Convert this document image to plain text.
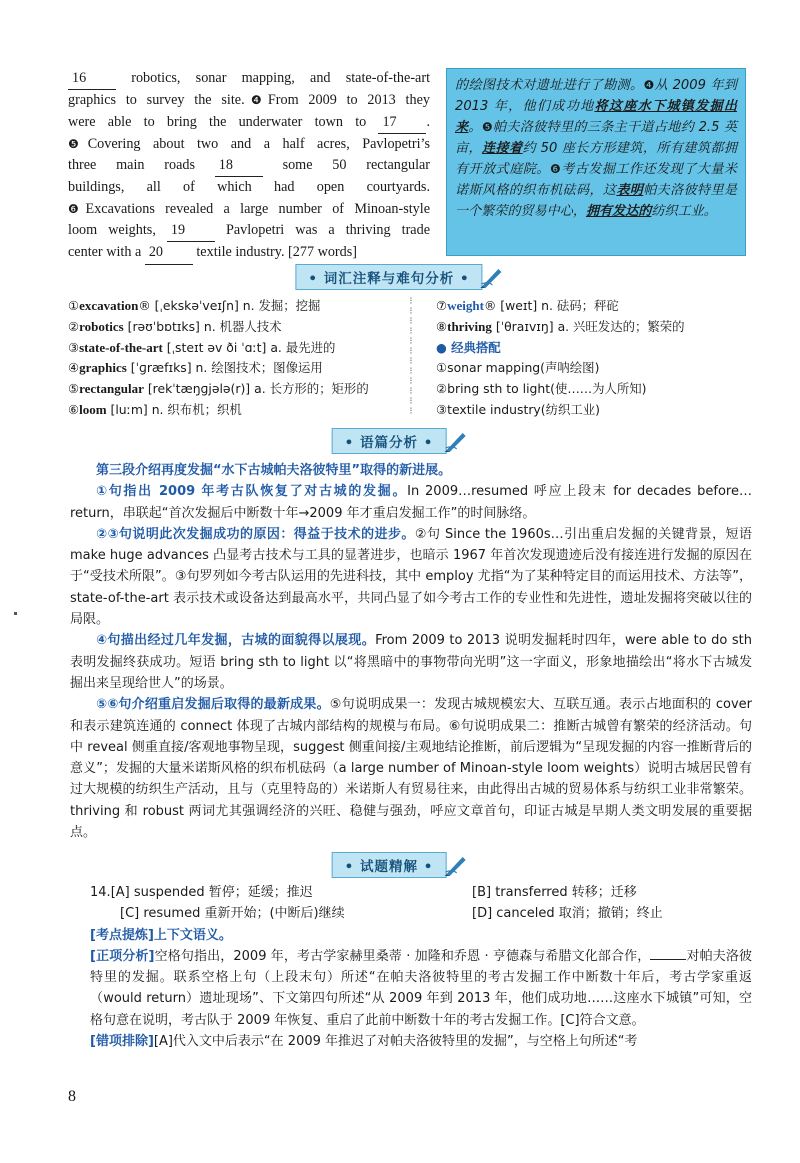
16	robotics, sonar mapping, and state-of-the-art
graphics to survey the site.❹From 2009 to 2013 they
were able to bring the underwater town to 17 .
❺Covering about two and a half acres, Pavlopetri’s
three main roads 18	some 50 rectangular
buildings, all of which had open courtyards.
❻Excavations revealed a large number of Minoan-style
loom weights, 19	Pavlopetri was a thriving trade
center with a 20 textile industry. [277 words]
的绘图技术对遗址进行了勘测。❹从 2009 年到 2013 年，他们成功地将这座水下城镇发掘出来。❺帕夫洛彼特里的三条主干道占地约 2.5 英亩，连接着约 50 座长方形建筑，所有建筑都拥有开放式庭院。❻考古发掘工作还发现了大量米诺斯风格的织布机砝码，这表明帕夫洛彼特里是一个繁荣的贸易中心，拥有发达的纺织工业。
• 词汇注释与难句分析 •
①excavation® [ˌekskəˈveɪʃn] n. 发掘；挖掘
②robotics [rəʊˈbɒtɪks] n. 机器人技术
③state-of-the-art [ˌsteɪt əv ði ˈɑːt] a. 最先进的
④graphics [ˈɡræfɪks] n. 绘图技术；图像运用
⑤rectangular [rekˈtæŋɡjələ(r)] a. 长方形的；矩形的
⑥loom [luːm] n. 织布机；织机
⁝
⁝
⁝
⁝
⁝
⁝
⁝
⁝
⁝
⁝
⁝
⁝
⑦weight® [weɪt] n. 砝码；秤砣
⑧thriving [ˈθraɪvɪŋ] a. 兴旺发达的；繁荣的
● 经典搭配
①sonar mapping(声呐绘图)
②bring sth to light(使……为人所知)
③textile industry(纺织工业)
• 语篇分析 •

第三段介绍再度发掘“水下古城帕夫洛彼特里”取得的新进展。

①句指出 2009 年考古队恢复了对古城的发掘。In 2009…resumed 呼应上段末 for decades before…return，串联起“首次发掘后中断数十年→2009 年才重启发掘工作”的时间脉络。

②③句说明此次发掘成功的原因：得益于技术的进步。②句 Since the 1960s…引出重启发掘的关键背景，短语 make huge advances 凸显考古技术与工具的显著进步，也暗示 1967 年首次发现遗迹后没有接连进行发掘的原因在于“受技术所限”。③句罗列如今考古队运用的先进科技，其中 employ 尤指“为了某种特定目的而运用技术、方法等”，state-of-the-art 表示技术或设备达到最高水平，共同凸显了如今考古工作的专业性和先进性，遗址发掘将突破以往的局限。

④句描出经过几年发掘，古城的面貌得以展现。From 2009 to 2013 说明发掘耗时四年，were able to do sth 表明发掘终获成功。短语 bring sth to light 以“将黑暗中的事物带向光明”这一字面义，形象地描绘出“将水下古城发掘出来呈现给世人”的场景。

⑤⑥句介绍重启发掘后取得的最新成果。⑤句说明成果一：发现古城规模宏大、互联互通。表示占地面积的 cover 和表示建筑连通的 connect 体现了古城内部结构的规模与布局。⑥句说明成果二：推断古城曾有繁荣的经济活动。句中 reveal 侧重直接/客观地事物呈现，suggest 侧重间接/主观地结论推断，前后逻辑为“呈现发掘的内容一推断背后的意义”；发掘的大量米诺斯风格的织布机砝码（a large number of Minoan-style loom weights）说明古城居民曾有过大规模的纺织生产活动，且与（克里特岛的）米诺斯人有贸易往来，由此得出古城的贸易体系与纺织工业非常繁荣。thriving 和 robust 两词尤其强调经济的兴旺、稳健与强劲，呼应文章首句，印证古城是早期人类文明发展的重要据点。

• 试题精解 •
14.[A] suspended 暂停；延缓；推迟	[B] transferred 转移；迁移
[C] resumed 重新开始；(中断后)继续	[D] canceled 取消；撤销；终止

[考点提炼]上下文语义。

[正项分析]空格句指出，2009 年，考古学家赫里桑蒂 · 加隆和乔恩 · 亨德森与希腊文化部合作，	对帕夫洛彼特里的发掘。联系空格上句（上段末句）所述“在帕夫洛彼特里的考古发掘工作中断数十年后，考古学家重返（would return）遗址现场”、下文第四句所述“从 2009 年到 2013 年，他们成功地……这座水下城镇”可知，空格句意在说明，考古队于 2009 年恢复、重启了此前中断数十年的考古发掘工作。[C]符合文意。

[错项排除][A]代入文中后表示“在 2009 年推迟了对帕夫洛彼特里的发掘”，与空格上句所述“考

8
